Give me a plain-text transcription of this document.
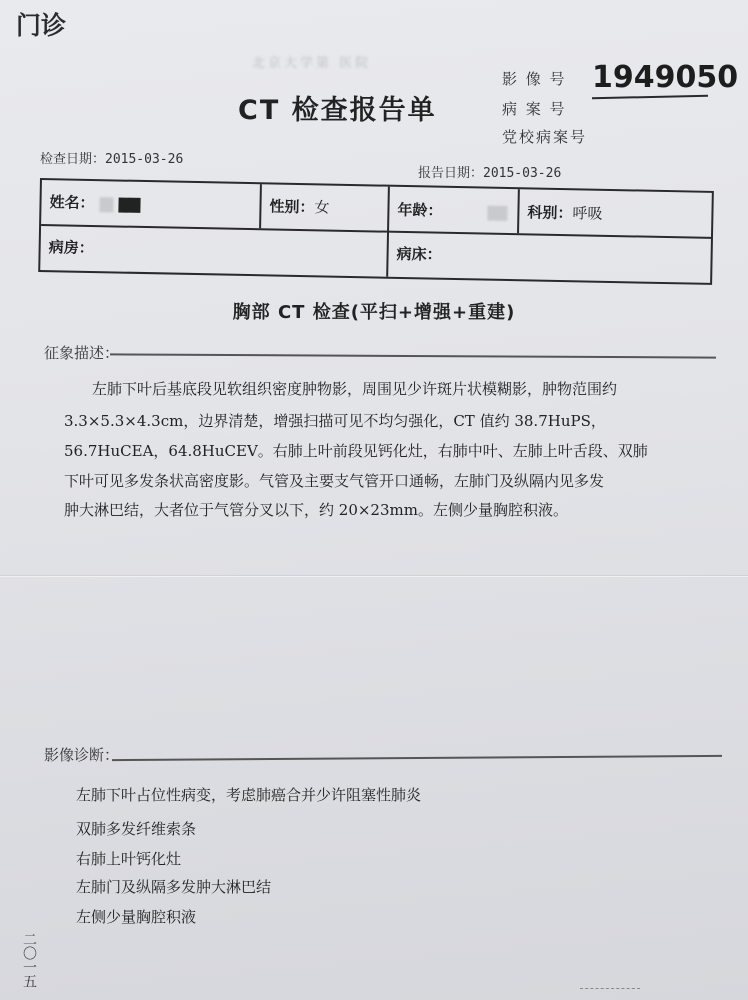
门诊
北京大学第 医院
CT 检查报告单
影 像 号 1949050
病 案 号
党校病案号
检查日期：2015-03-26
报告日期：2015-03-26
姓名：	性别：女	年龄：	科别：呼吸
病房：	病床：
胸部 CT 检查(平扫+增强+重建)
征象描述：
左肺下叶后基底段见软组织密度肿物影，周围见少许斑片状模糊影，肿物范围约
3.3×5.3×4.3cm，边界清楚，增强扫描可见不均匀强化，CT 值约 38.7HuPS，
56.7HuCEA，64.8HuCEV。右肺上叶前段见钙化灶，右肺中叶、左肺上叶舌段、双肺
下叶可见多发条状高密度影。气管及主要支气管开口通畅，左肺门及纵隔内见多发
肿大淋巴结，大者位于气管分叉以下，约 20×23mm。左侧少量胸腔积液。
影像诊断：
左肺下叶占位性病变，考虑肺癌合并少许阻塞性肺炎
双肺多发纤维索条
右肺上叶钙化灶
左肺门及纵隔多发肿大淋巴结
左侧少量胸腔积液
二〇一五
